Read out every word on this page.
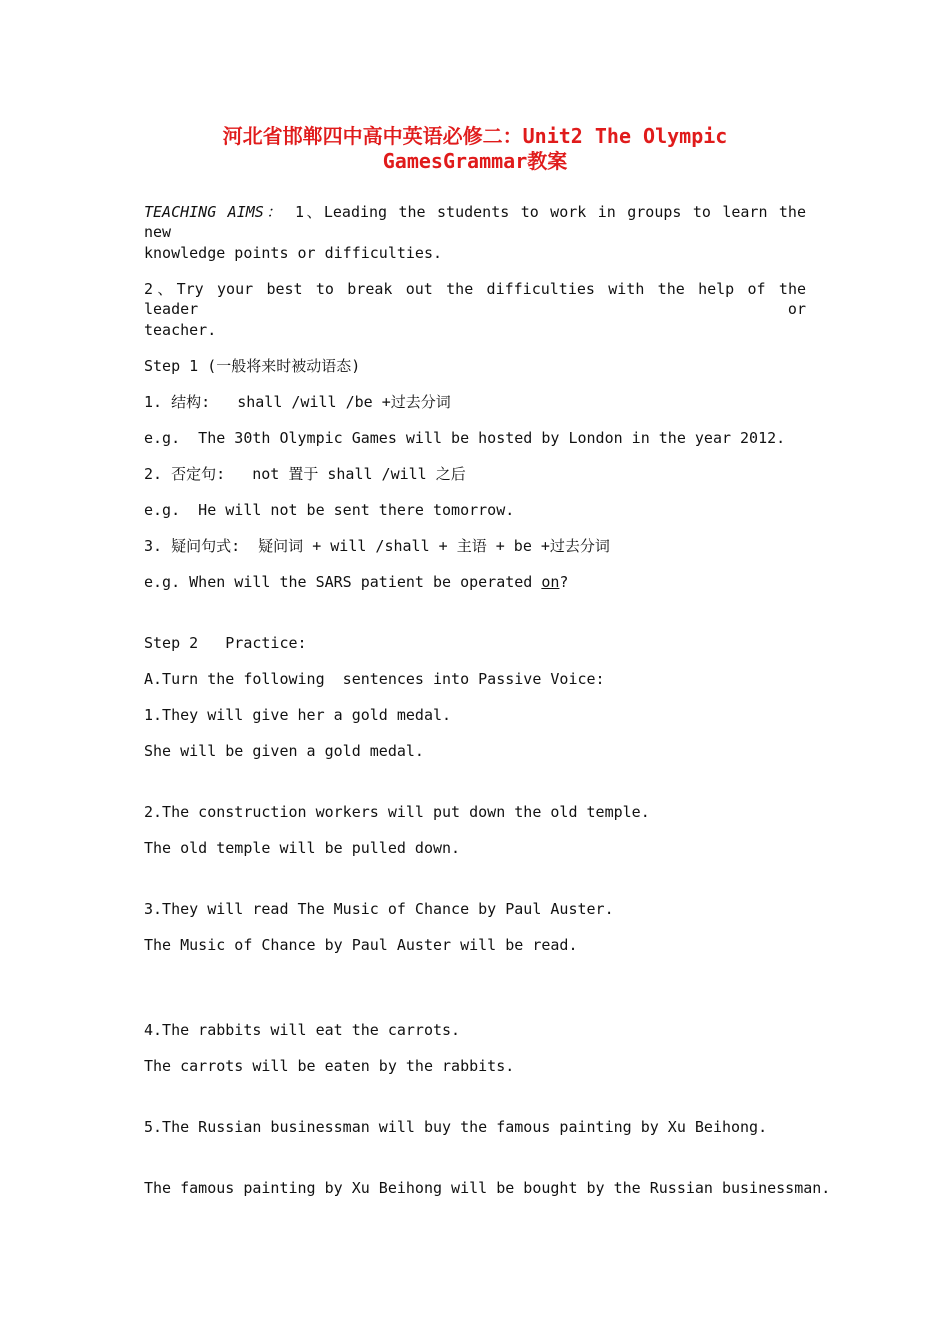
河北省邯郸四中高中英语必修二：Unit2 The Olympic
GamesGrammar教案
TEACHING AIMS： 1、Leading the students to work in groups to learn the new
knowledge points or difficulties.
2、Try your best to break out the difficulties with the help of the leader or
teacher.
Step 1 (一般将来时被动语态)
1. 结构:   shall /will /be +过去分词
e.g.  The 30th Olympic Games will be hosted by London in the year 2012.
2. 否定句:   not 置于 shall /will 之后
e.g.  He will not be sent there tomorrow.
3. 疑问句式:  疑问词 + will /shall + 主语 + be +过去分词
e.g. When will the SARS patient be operated on?
Step 2   Practice:
A.Turn the following  sentences into Passive Voice:
1.They will give her a gold medal.
She will be given a gold medal.
2.The construction workers will put down the old temple.
The old temple will be pulled down.
3.They will read The Music of Chance by Paul Auster.
The Music of Chance by Paul Auster will be read.
4.The rabbits will eat the carrots.
The carrots will be eaten by the rabbits.
5.The Russian businessman will buy the famous painting by Xu Beihong.
The famous painting by Xu Beihong will be bought by the Russian businessman.
